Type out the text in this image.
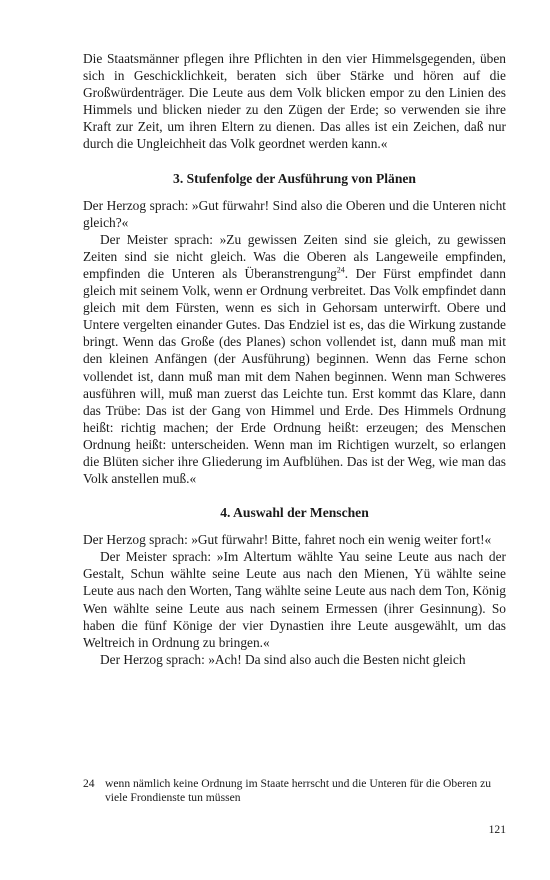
Die Staatsmänner pflegen ihre Pflichten in den vier Himmelsgegenden, üben sich in Geschicklichkeit, beraten sich über Stärke und hören auf die Großwürdenträger. Die Leute aus dem Volk blicken empor zu den Linien des Himmels und blicken nieder zu den Zügen der Erde; so verwenden sie ihre Kraft zur Zeit, um ihren Eltern zu dienen. Das alles ist ein Zeichen, daß nur durch die Ungleichheit das Volk geordnet werden kann.«

3. Stufenfolge der Ausführung von Plänen

Der Herzog sprach: »Gut fürwahr! Sind also die Oberen und die Unteren nicht gleich?«

Der Meister sprach: »Zu gewissen Zeiten sind sie gleich, zu gewissen Zeiten sind sie nicht gleich. Was die Oberen als Langeweile empfinden, empfinden die Unteren als Überanstrengung$^{24}$. Der Fürst empfindet dann gleich mit seinem Volk, wenn er Ordnung verbreitet. Das Volk empfindet dann gleich mit dem Fürsten, wenn es sich in Gehorsam unterwirft. Obere und Untere vergelten einander Gutes. Das Endziel ist es, das die Wirkung zustande bringt. Wenn das Große (des Planes) schon vollendet ist, dann muß man mit den kleinen Anfängen (der Ausführung) beginnen. Wenn das Ferne schon vollendet ist, dann muß man mit dem Nahen beginnen. Wenn man Schweres ausführen will, muß man zuerst das Leichte tun. Erst kommt das Klare, dann das Trübe: Das ist der Gang von Himmel und Erde. Des Himmels Ordnung heißt: richtig machen; der Erde Ordnung heißt: erzeugen; des Menschen Ordnung heißt: unterscheiden. Wenn man im Richtigen wurzelt, so erlangen die Blüten sicher ihre Gliederung im Aufblühen. Das ist der Weg, wie man das Volk anstellen muß.«

4. Auswahl der Menschen

Der Herzog sprach: »Gut fürwahr! Bitte, fahret noch ein wenig weiter fort!«

Der Meister sprach: »Im Altertum wählte Yau seine Leute aus nach der Gestalt, Schun wählte seine Leute aus nach den Mienen, Yü wählte seine Leute aus nach den Worten, Tang wählte seine Leute aus nach dem Ton, König Wen wählte seine Leute aus nach seinem Ermessen (ihrer Gesinnung). So haben die fünf Könige der vier Dynastien ihre Leute ausgewählt, um das Weltreich in Ordnung zu bringen.«

Der Herzog sprach: »Ach! Da sind also auch die Besten nicht gleich

24 wenn nämlich keine Ordnung im Staate herrscht und die Unteren für die Oberen zu viele Frondienste tun müssen
121
